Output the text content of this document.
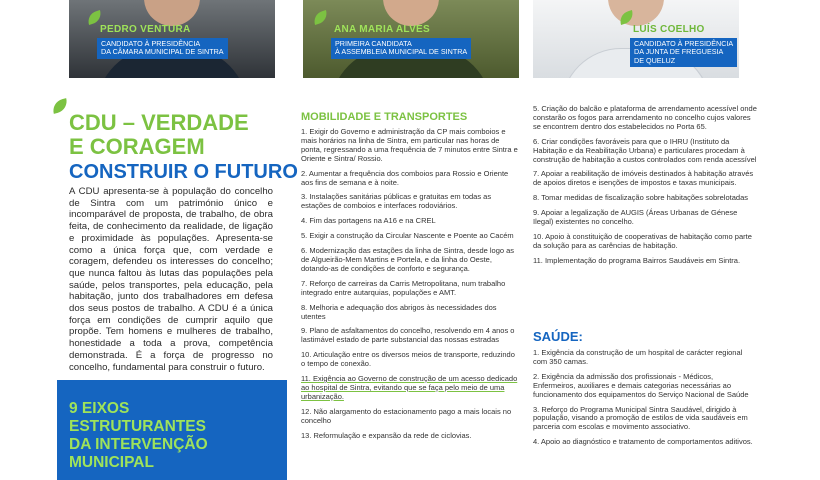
PEDRO VENTURA
CANDIDATO À PRESIDÊNCIA
DA CÂMARA MUNICIPAL DE SINTRA
ANA MARIA ALVES
PRIMEIRA CANDIDATA
À ASSEMBLEIA MUNICIPAL DE SINTRA
LUÍS COELHO
CANDIDATO À PRESIDÊNCIA
DA JUNTA DE FREGUESIA
DE QUELUZ
CDU – VERDADE
E CORAGEM
CONSTRUIR O FUTURO

A CDU apresenta-se à população do concelho de Sintra com um património único e incomparável de proposta, de trabalho, de obra feita, de conhecimento da realidade, de ligação e proximidade às populações. Apresenta-se como a única força que, com verdade e coragem, defendeu os interesses do concelho; que nunca faltou às lutas das populações pela saúde, pelos transportes, pela educação, pela habitação, junto dos trabalhadores em defesa dos seus postos de trabalho. A CDU é a única força em condições de cumprir aquilo que propõe. Tem homens e mulheres de trabalho, honestidade a toda a prova, competência demonstrada. É a força de progresso no concelho, fundamental para construir o futuro.

9 EIXOS
ESTRUTURANTES
DA INTERVENÇÃO
MUNICIPAL
MOBILIDADE E TRANSPORTES

1. Exigir do Governo e administração da CP mais comboios e mais horários na linha de Sintra, em particular nas horas de ponta, regressando a uma frequência de 7 minutos entre Sintra e Oriente e Sintra/ Rossio.

2. Aumentar a frequência dos comboios para Rossio e Oriente aos fins de semana e à noite.

3. Instalações sanitárias públicas e gratuitas em todas as estações de comboios e interfaces rodoviários.

4. Fim das portagens na A16 e na CREL

5. Exigir a construção da Circular Nascente e Poente ao Cacém

6. Modernização das estações da linha de Sintra, desde logo as de Algueirão-Mem Martins e Portela, e da linha do Oeste, dotando-as de condições de conforto e segurança.

7. Reforço de carreiras da Carris Metropolitana, num trabalho integrado entre autarquias, populações e AMT.

8. Melhoria e adequação dos abrigos às necessidades dos utentes

9. Plano de asfaltamentos do concelho, resolvendo em 4 anos o lastimável estado de parte substancial das nossas estradas

10. Articulação entre os diversos meios de transporte, reduzindo o tempo de conexão.

11. Exigência ao Governo de construção de um acesso dedicado ao hospital de Sintra, evitando que se faça pelo meio de uma urbanização.

12. Não alargamento do estacionamento pago a mais locais no concelho

13. Reformulação e expansão da rede de ciclovias.

5. Criação do balcão e plataforma de arrendamento acessível onde constarão os fogos para arrendamento no concelho cujos valores se encontrem dentro dos estabelecidos no Porta 65.

6. Criar condições favoráveis para que o IHRU (Instituto da Habitação e da Reabilitação Urbana) e particulares procedam à construção de habitação a custos controlados com renda acessível

7. Apoiar a reabilitação de imóveis destinados à habitação através de apoios diretos e isenções de impostos e taxas municipais.

8. Tomar medidas de fiscalização sobre habitações sobrelotadas

9. Apoiar a legalização de AUGIS (Áreas Urbanas de Génese Ilegal) existentes no concelho.

10. Apoio à constituição de cooperativas de habitação como parte da solução para as carências de habitação.

11. Implementação do programa Bairros Saudáveis em Sintra.

SAÚDE:

1. Exigência da construção de um hospital de carácter regional com 350 camas.

2. Exigência da admissão dos profissionais - Médicos, Enfermeiros, auxiliares e demais categorias necessárias ao funcionamento dos equipamentos do Serviço Nacional de Saúde

3. Reforço do Programa Municipal Sintra Saudável, dirigido à população, visando a promoção de estilos de vida saudáveis em parceria com escolas e movimento associativo.

4. Apoio ao diagnóstico e tratamento de comportamentos aditivos.
